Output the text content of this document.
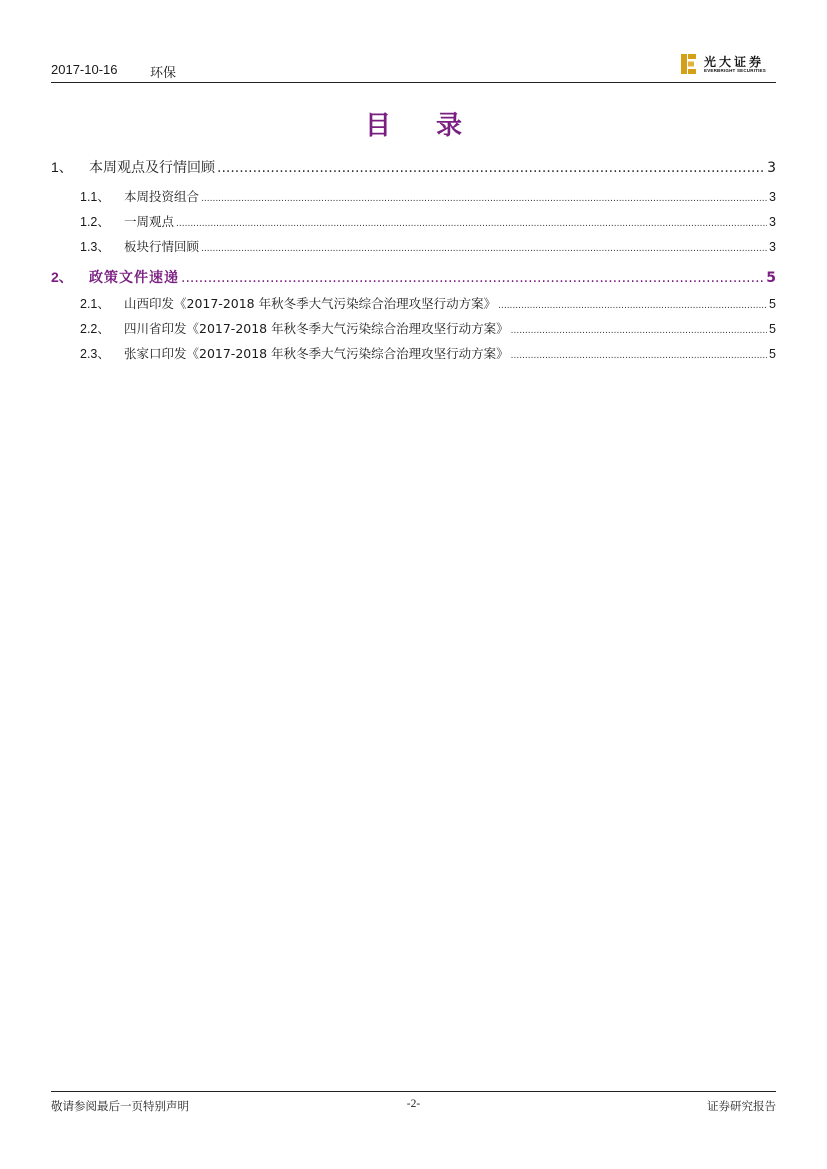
2017-10-16	环保
光大证券
EVERBRIGHT SECURITIES
目 录
1、	本周观点及行情回顾 .....	3
1.1、	本周投资组合 .....	3
1.2、	一周观点 .....	3
1.3、	板块行情回顾 .....	3
2、	政策文件速递 .....	5
2.1、	山西印发《2017-2018 年秋冬季大气污染综合治理攻坚行动方案》 .....	5
2.2、	四川省印发《2017-2018 年秋冬季大气污染综合治理攻坚行动方案》 .....	5
2.3、	张家口印发《2017-2018 年秋冬季大气污染综合治理攻坚行动方案》 .....	5
敬请参阅最后一页特别声明	-2-	证券研究报告
